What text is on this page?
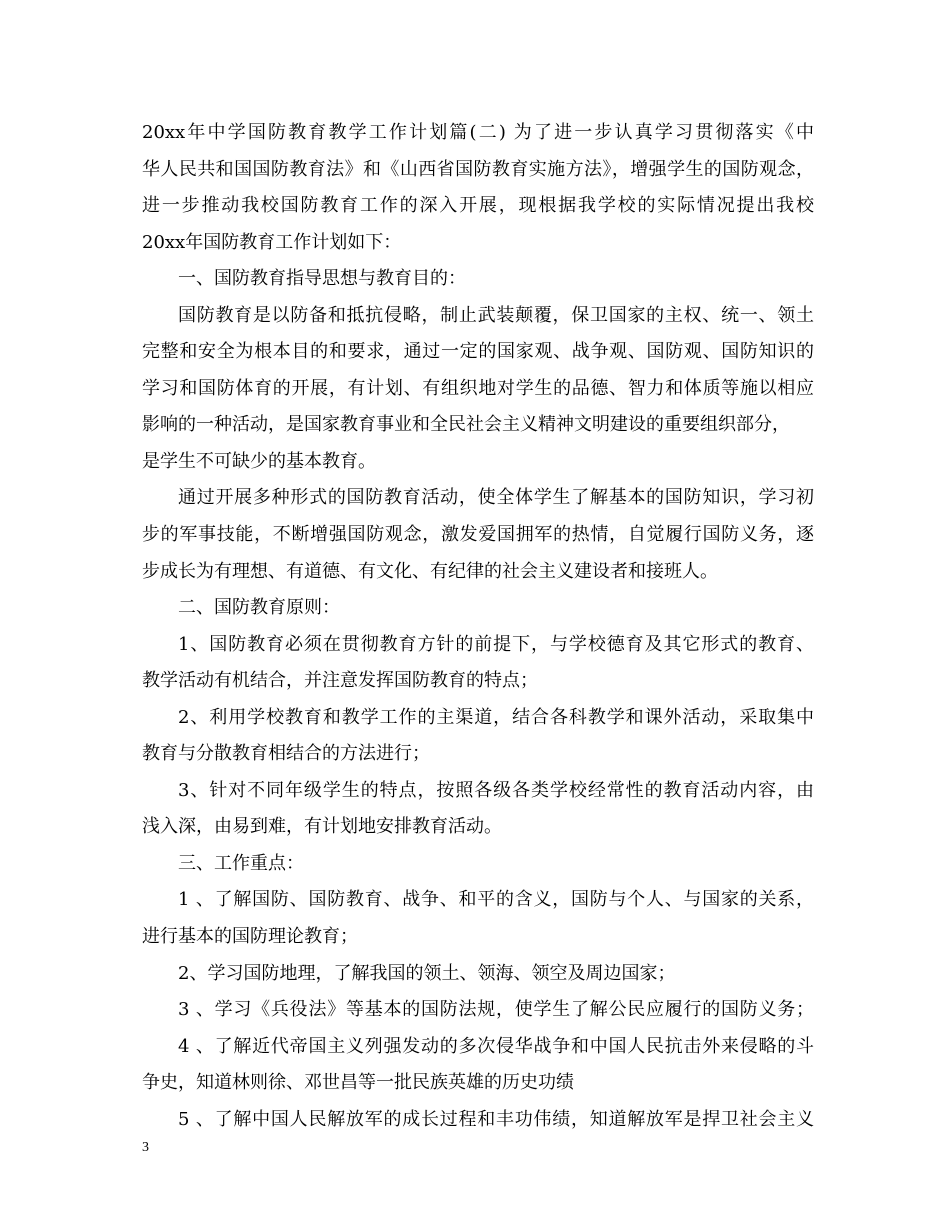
20xx年中学国防教育教学工作计划篇(二) 为了进一步认真学习贯彻落实《中
华人民共和国国防教育法》和《山西省国防教育实施方法》，增强学生的国防观念，
进一步推动我校国防教育工作的深入开展，现根据我学校的实际情况提出我校
20xx年国防教育工作计划如下：
一、国防教育指导思想与教育目的：
国防教育是以防备和抵抗侵略，制止武装颠覆，保卫国家的主权、统一、领土
完整和安全为根本目的和要求，通过一定的国家观、战争观、国防观、国防知识的
学习和国防体育的开展，有计划、有组织地对学生的品德、智力和体质等施以相应
影响的一种活动，是国家教育事业和全民社会主义精神文明建设的重要组织部分，
是学生不可缺少的基本教育。
通过开展多种形式的国防教育活动，使全体学生了解基本的国防知识，学习初
步的军事技能，不断增强国防观念，激发爱国拥军的热情，自觉履行国防义务，逐
步成长为有理想、有道德、有文化、有纪律的社会主义建设者和接班人。
二、国防教育原则：
1、国防教育必须在贯彻教育方针的前提下，与学校德育及其它形式的教育、
教学活动有机结合，并注意发挥国防教育的特点；
2、利用学校教育和教学工作的主渠道，结合各科教学和课外活动，采取集中
教育与分散教育相结合的方法进行；
3、针对不同年级学生的特点，按照各级各类学校经常性的教育活动内容，由
浅入深，由易到难，有计划地安排教育活动。
三、工作重点：
1 、了解国防、国防教育、战争、和平的含义，国防与个人、与国家的关系，
进行基本的国防理论教育；
2、学习国防地理，了解我国的领土、领海、领空及周边国家；
3 、学习《兵役法》等基本的国防法规，使学生了解公民应履行的国防义务；
4 、了解近代帝国主义列强发动的多次侵华战争和中国人民抗击外来侵略的斗
争史，知道林则徐、邓世昌等一批民族英雄的历史功绩
5 、了解中国人民解放军的成长过程和丰功伟绩，知道解放军是捍卫社会主义
3
